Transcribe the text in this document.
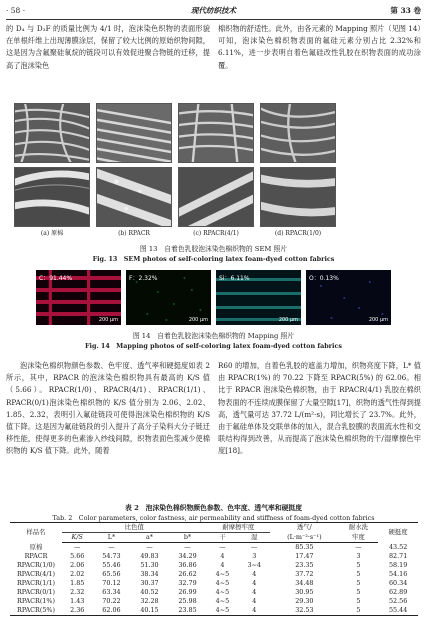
· 58 ·	现代纺织技术	第 33 卷

的 D₄ 与 D₃F 的质量比例为 4/1 时，泡沫染色织物的表面形貌在单根纤维上出现薄膜涂层，保留了较大比例的原始织物间隙，这是因为含氟聚硅氧烷的链段可以有效促进聚合物链的迁移，提高了泡沫染色

棉织物的舒适性。此外，由各元素的 Mapping 照片（见图 14）可知，泡沫染色棉织物表面的氟硅元素分别占比 2.32%和 6.11%，进一步表明自着色氟硅改性乳胶在织物表面的成功涂覆。

(a) 原棉	(b) RPACR	(c) RPACR(4/1)	(d) RPACR(1/0)
图 13　自着色乳胶泡沫染色棉织物的 SEM 照片
Fig. 13　SEM photos of self-coloring latex foam-dyed cotton fabrics
C：91.44%
200 μm
F：2.32%
200 μm
Si：6.11%
200 μm
O：0.13%
200 μm
图 14　自着色乳胶泡沫染色棉织物的 Mapping 照片
Fig. 14　Mapping photos of self-coloring latex foam-dyed cotton fabrics

泡沫染色棉织物颜色参数、色牢度、透气率和硬挺度如表 2 所示，其中，RPACR 的泡沫染色棉织物具有最高的 K/S 值（5.66）。RPACR(1/0)、RPACR(4/1)、RPACR(1/1)、RPACR(0/1)泡沫染色棉织物的 K/S 值分别为 2.06、2.02、1.85、2.32，表明引入氟硅链段可使得泡沫染色棉织物的 K/S 值下降。这是因为氟硅链段的引入提升了高分子染料大分子链迁移性能，使得更多的色素渗入纱线间隙，织物表面色浆减少使棉织物的 K/S 值下降。此外，随着

R60 的增加，自着色乳胶的遮盖力增加，织物亮度下降，L* 值由 RPACR(1%) 的 70.22 下降至 RPACR(5%) 的 62.06。相比于 RPACR 泡沫染色棉织物，由于 RPACR(4/1) 乳胶在棉织物表面的不连续成膜保留了大量空隙[17]，织物的透气性得到提高，透气量可达 37.72 L/(m²·s)，同比增长了 23.7%。此外，由于氟硅单体及交联单体的加入，混合乳胶膜的表面流水性和交联结构得到改善，从而提高了泡沫染色棉织物的干/湿摩擦色牢度[18]。

表 2　泡沫染色棉织物颜色参数、色牢度、透气率和硬挺度
Tab. 2　Color parameters, color fastness, air permeability and stiffness of foam-dyed cotton fabrics
样品名	比色值				耐摩擦牢度		透气/	耐水洗	硬挺度
	K/S	L*	a*	b*	干	湿	(L·m⁻²·s⁻¹)	牢度	
原棉	—	—	—	—	—	—	85.35	—	43.52
RPACR	5.66	54.73	49.83	34.29	4	3	17.47	3	82.71
RPACR(1/0)	2.06	55.46	51.30	36.86	4	3~4	23.35	5	58.19
RPACR(4/1)	2.02	65.56	38.34	26.62	4~5	4	37.72	5	54.16
RPACR(1/1)	1.85	70.12	30.37	32.79	4~5	4	34.48	5	60.34
RPACR(0/1)	2.32	63.34	40.52	26.99	4~5	4	30.95	5	62.89
RPACR(1%)	1.43	70.22	32.28	25.98	4~5	4	29.30	5	52.56
RPACR(5%)	2.36	62.06	40.15	23.85	4~5	4	32.53	5	55.44
